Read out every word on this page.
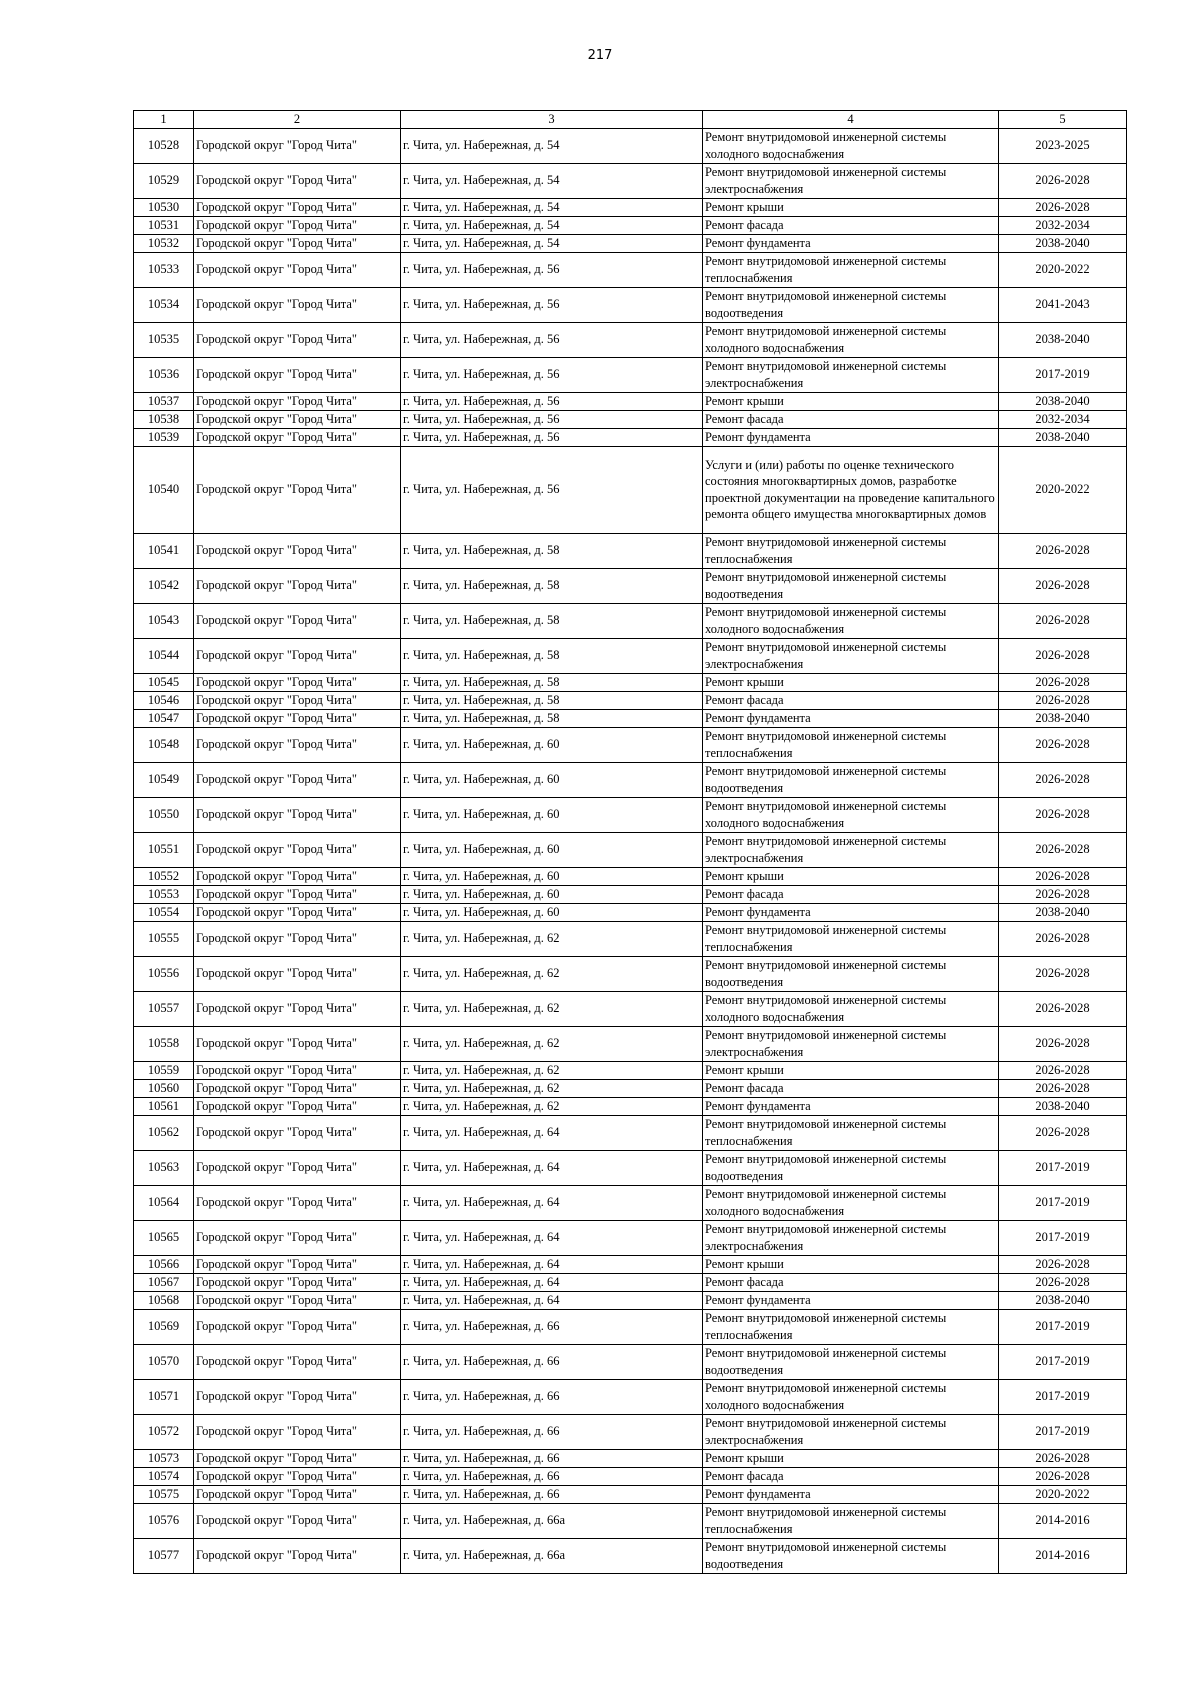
217
1	2	3	4	5
10528	Городской округ "Город Чита"	г. Чита, ул. Набережная, д. 54	Ремонт внутридомовой инженерной системы холодного водоснабжения	2023-2025
10529	Городской округ "Город Чита"	г. Чита, ул. Набережная, д. 54	Ремонт внутридомовой инженерной системы электроснабжения	2026-2028
10530	Городской округ "Город Чита"	г. Чита, ул. Набережная, д. 54	Ремонт крыши	2026-2028
10531	Городской округ "Город Чита"	г. Чита, ул. Набережная, д. 54	Ремонт фасада	2032-2034
10532	Городской округ "Город Чита"	г. Чита, ул. Набережная, д. 54	Ремонт фундамента	2038-2040
10533	Городской округ "Город Чита"	г. Чита, ул. Набережная, д. 56	Ремонт внутридомовой инженерной системы теплоснабжения	2020-2022
10534	Городской округ "Город Чита"	г. Чита, ул. Набережная, д. 56	Ремонт внутридомовой инженерной системы водоотведения	2041-2043
10535	Городской округ "Город Чита"	г. Чита, ул. Набережная, д. 56	Ремонт внутридомовой инженерной системы холодного водоснабжения	2038-2040
10536	Городской округ "Город Чита"	г. Чита, ул. Набережная, д. 56	Ремонт внутридомовой инженерной системы электроснабжения	2017-2019
10537	Городской округ "Город Чита"	г. Чита, ул. Набережная, д. 56	Ремонт крыши	2038-2040
10538	Городской округ "Город Чита"	г. Чита, ул. Набережная, д. 56	Ремонт фасада	2032-2034
10539	Городской округ "Город Чита"	г. Чита, ул. Набережная, д. 56	Ремонт фундамента	2038-2040
10540	Городской округ "Город Чита"	г. Чита, ул. Набережная, д. 56	Услуги и (или) работы по оценке технического состояния многоквартирных домов, разработке проектной документации на проведение капитального ремонта общего имущества многоквартирных домов	2020-2022
10541	Городской округ "Город Чита"	г. Чита, ул. Набережная, д. 58	Ремонт внутридомовой инженерной системы теплоснабжения	2026-2028
10542	Городской округ "Город Чита"	г. Чита, ул. Набережная, д. 58	Ремонт внутридомовой инженерной системы водоотведения	2026-2028
10543	Городской округ "Город Чита"	г. Чита, ул. Набережная, д. 58	Ремонт внутридомовой инженерной системы холодного водоснабжения	2026-2028
10544	Городской округ "Город Чита"	г. Чита, ул. Набережная, д. 58	Ремонт внутридомовой инженерной системы электроснабжения	2026-2028
10545	Городской округ "Город Чита"	г. Чита, ул. Набережная, д. 58	Ремонт крыши	2026-2028
10546	Городской округ "Город Чита"	г. Чита, ул. Набережная, д. 58	Ремонт фасада	2026-2028
10547	Городской округ "Город Чита"	г. Чита, ул. Набережная, д. 58	Ремонт фундамента	2038-2040
10548	Городской округ "Город Чита"	г. Чита, ул. Набережная, д. 60	Ремонт внутридомовой инженерной системы теплоснабжения	2026-2028
10549	Городской округ "Город Чита"	г. Чита, ул. Набережная, д. 60	Ремонт внутридомовой инженерной системы водоотведения	2026-2028
10550	Городской округ "Город Чита"	г. Чита, ул. Набережная, д. 60	Ремонт внутридомовой инженерной системы холодного водоснабжения	2026-2028
10551	Городской округ "Город Чита"	г. Чита, ул. Набережная, д. 60	Ремонт внутридомовой инженерной системы электроснабжения	2026-2028
10552	Городской округ "Город Чита"	г. Чита, ул. Набережная, д. 60	Ремонт крыши	2026-2028
10553	Городской округ "Город Чита"	г. Чита, ул. Набережная, д. 60	Ремонт фасада	2026-2028
10554	Городской округ "Город Чита"	г. Чита, ул. Набережная, д. 60	Ремонт фундамента	2038-2040
10555	Городской округ "Город Чита"	г. Чита, ул. Набережная, д. 62	Ремонт внутридомовой инженерной системы теплоснабжения	2026-2028
10556	Городской округ "Город Чита"	г. Чита, ул. Набережная, д. 62	Ремонт внутридомовой инженерной системы водоотведения	2026-2028
10557	Городской округ "Город Чита"	г. Чита, ул. Набережная, д. 62	Ремонт внутридомовой инженерной системы холодного водоснабжения	2026-2028
10558	Городской округ "Город Чита"	г. Чита, ул. Набережная, д. 62	Ремонт внутридомовой инженерной системы электроснабжения	2026-2028
10559	Городской округ "Город Чита"	г. Чита, ул. Набережная, д. 62	Ремонт крыши	2026-2028
10560	Городской округ "Город Чита"	г. Чита, ул. Набережная, д. 62	Ремонт фасада	2026-2028
10561	Городской округ "Город Чита"	г. Чита, ул. Набережная, д. 62	Ремонт фундамента	2038-2040
10562	Городской округ "Город Чита"	г. Чита, ул. Набережная, д. 64	Ремонт внутридомовой инженерной системы теплоснабжения	2026-2028
10563	Городской округ "Город Чита"	г. Чита, ул. Набережная, д. 64	Ремонт внутридомовой инженерной системы водоотведения	2017-2019
10564	Городской округ "Город Чита"	г. Чита, ул. Набережная, д. 64	Ремонт внутридомовой инженерной системы холодного водоснабжения	2017-2019
10565	Городской округ "Город Чита"	г. Чита, ул. Набережная, д. 64	Ремонт внутридомовой инженерной системы электроснабжения	2017-2019
10566	Городской округ "Город Чита"	г. Чита, ул. Набережная, д. 64	Ремонт крыши	2026-2028
10567	Городской округ "Город Чита"	г. Чита, ул. Набережная, д. 64	Ремонт фасада	2026-2028
10568	Городской округ "Город Чита"	г. Чита, ул. Набережная, д. 64	Ремонт фундамента	2038-2040
10569	Городской округ "Город Чита"	г. Чита, ул. Набережная, д. 66	Ремонт внутридомовой инженерной системы теплоснабжения	2017-2019
10570	Городской округ "Город Чита"	г. Чита, ул. Набережная, д. 66	Ремонт внутридомовой инженерной системы водоотведения	2017-2019
10571	Городской округ "Город Чита"	г. Чита, ул. Набережная, д. 66	Ремонт внутридомовой инженерной системы холодного водоснабжения	2017-2019
10572	Городской округ "Город Чита"	г. Чита, ул. Набережная, д. 66	Ремонт внутридомовой инженерной системы электроснабжения	2017-2019
10573	Городской округ "Город Чита"	г. Чита, ул. Набережная, д. 66	Ремонт крыши	2026-2028
10574	Городской округ "Город Чита"	г. Чита, ул. Набережная, д. 66	Ремонт фасада	2026-2028
10575	Городской округ "Город Чита"	г. Чита, ул. Набережная, д. 66	Ремонт фундамента	2020-2022
10576	Городской округ "Город Чита"	г. Чита, ул. Набережная, д. 66а	Ремонт внутридомовой инженерной системы теплоснабжения	2014-2016
10577	Городской округ "Город Чита"	г. Чита, ул. Набережная, д. 66а	Ремонт внутридомовой инженерной системы водоотведения	2014-2016
